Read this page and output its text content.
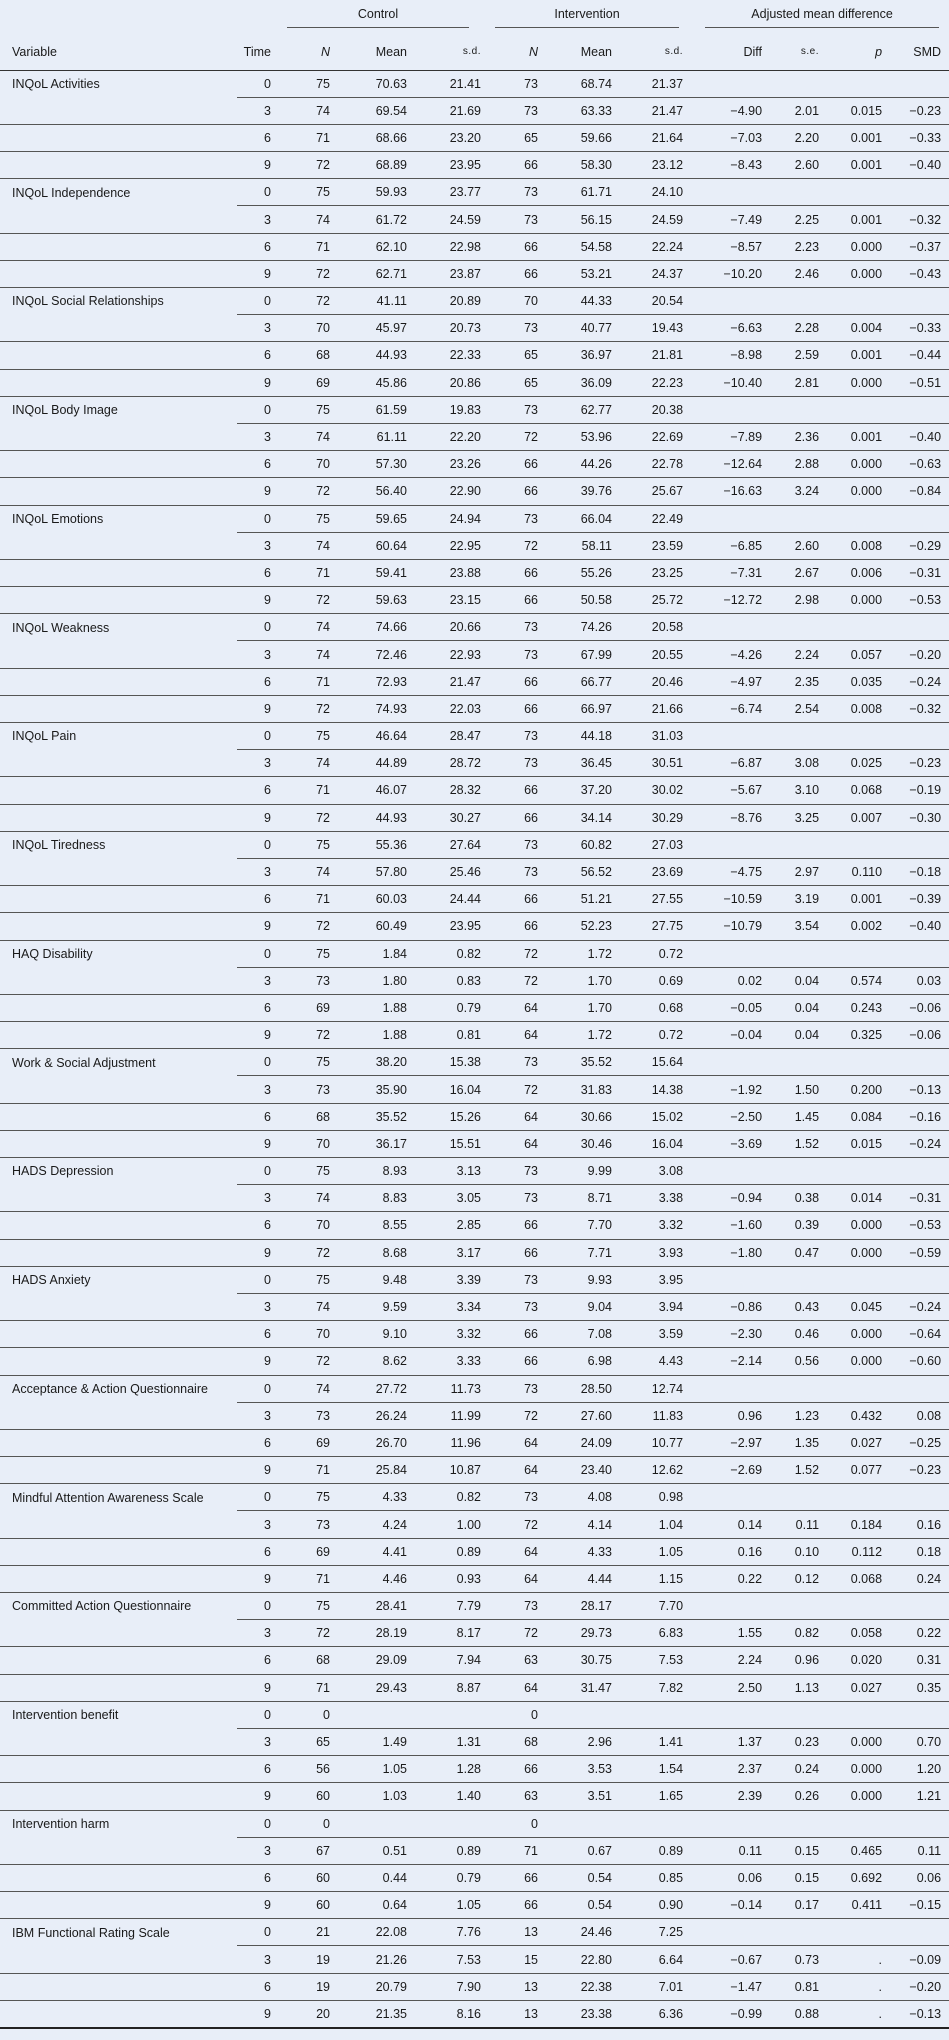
		Control			Intervention			Adjusted mean difference			

Variable	Time	N	Mean	s.d.	N	Mean	s.d.	Diff	s.e.	p	SMD
INQoL Activities	0	75	70.63	21.41	73	68.74	21.37				
	3	74	69.54	21.69	73	63.33	21.47	−4.90	2.01	0.015	−0.23
	6	71	68.66	23.20	65	59.66	21.64	−7.03	2.20	0.001	−0.33
	9	72	68.89	23.95	66	58.30	23.12	−8.43	2.60	0.001	−0.40
INQoL Independence	0	75	59.93	23.77	73	61.71	24.10				
	3	74	61.72	24.59	73	56.15	24.59	−7.49	2.25	0.001	−0.32
	6	71	62.10	22.98	66	54.58	22.24	−8.57	2.23	0.000	−0.37
	9	72	62.71	23.87	66	53.21	24.37	−10.20	2.46	0.000	−0.43
INQoL Social Relationships	0	72	41.11	20.89	70	44.33	20.54				
	3	70	45.97	20.73	73	40.77	19.43	−6.63	2.28	0.004	−0.33
	6	68	44.93	22.33	65	36.97	21.81	−8.98	2.59	0.001	−0.44
	9	69	45.86	20.86	65	36.09	22.23	−10.40	2.81	0.000	−0.51
INQoL Body Image	0	75	61.59	19.83	73	62.77	20.38				
	3	74	61.11	22.20	72	53.96	22.69	−7.89	2.36	0.001	−0.40
	6	70	57.30	23.26	66	44.26	22.78	−12.64	2.88	0.000	−0.63
	9	72	56.40	22.90	66	39.76	25.67	−16.63	3.24	0.000	−0.84
INQoL Emotions	0	75	59.65	24.94	73	66.04	22.49				
	3	74	60.64	22.95	72	58.11	23.59	−6.85	2.60	0.008	−0.29
	6	71	59.41	23.88	66	55.26	23.25	−7.31	2.67	0.006	−0.31
	9	72	59.63	23.15	66	50.58	25.72	−12.72	2.98	0.000	−0.53
INQoL Weakness	0	74	74.66	20.66	73	74.26	20.58				
	3	74	72.46	22.93	73	67.99	20.55	−4.26	2.24	0.057	−0.20
	6	71	72.93	21.47	66	66.77	20.46	−4.97	2.35	0.035	−0.24
	9	72	74.93	22.03	66	66.97	21.66	−6.74	2.54	0.008	−0.32
INQoL Pain	0	75	46.64	28.47	73	44.18	31.03				
	3	74	44.89	28.72	73	36.45	30.51	−6.87	3.08	0.025	−0.23
	6	71	46.07	28.32	66	37.20	30.02	−5.67	3.10	0.068	−0.19
	9	72	44.93	30.27	66	34.14	30.29	−8.76	3.25	0.007	−0.30
INQoL Tiredness	0	75	55.36	27.64	73	60.82	27.03				
	3	74	57.80	25.46	73	56.52	23.69	−4.75	2.97	0.110	−0.18
	6	71	60.03	24.44	66	51.21	27.55	−10.59	3.19	0.001	−0.39
	9	72	60.49	23.95	66	52.23	27.75	−10.79	3.54	0.002	−0.40
HAQ Disability	0	75	1.84	0.82	72	1.72	0.72				
	3	73	1.80	0.83	72	1.70	0.69	0.02	0.04	0.574	0.03
	6	69	1.88	0.79	64	1.70	0.68	−0.05	0.04	0.243	−0.06
	9	72	1.88	0.81	64	1.72	0.72	−0.04	0.04	0.325	−0.06
Work & Social Adjustment	0	75	38.20	15.38	73	35.52	15.64				
	3	73	35.90	16.04	72	31.83	14.38	−1.92	1.50	0.200	−0.13
	6	68	35.52	15.26	64	30.66	15.02	−2.50	1.45	0.084	−0.16
	9	70	36.17	15.51	64	30.46	16.04	−3.69	1.52	0.015	−0.24
HADS Depression	0	75	8.93	3.13	73	9.99	3.08				
	3	74	8.83	3.05	73	8.71	3.38	−0.94	0.38	0.014	−0.31
	6	70	8.55	2.85	66	7.70	3.32	−1.60	0.39	0.000	−0.53
	9	72	8.68	3.17	66	7.71	3.93	−1.80	0.47	0.000	−0.59
HADS Anxiety	0	75	9.48	3.39	73	9.93	3.95				
	3	74	9.59	3.34	73	9.04	3.94	−0.86	0.43	0.045	−0.24
	6	70	9.10	3.32	66	7.08	3.59	−2.30	0.46	0.000	−0.64
	9	72	8.62	3.33	66	6.98	4.43	−2.14	0.56	0.000	−0.60
Acceptance & Action Questionnaire	0	74	27.72	11.73	73	28.50	12.74				
	3	73	26.24	11.99	72	27.60	11.83	0.96	1.23	0.432	0.08
	6	69	26.70	11.96	64	24.09	10.77	−2.97	1.35	0.027	−0.25
	9	71	25.84	10.87	64	23.40	12.62	−2.69	1.52	0.077	−0.23
Mindful Attention Awareness Scale	0	75	4.33	0.82	73	4.08	0.98				
	3	73	4.24	1.00	72	4.14	1.04	0.14	0.11	0.184	0.16
	6	69	4.41	0.89	64	4.33	1.05	0.16	0.10	0.112	0.18
	9	71	4.46	0.93	64	4.44	1.15	0.22	0.12	0.068	0.24
Committed Action Questionnaire	0	75	28.41	7.79	73	28.17	7.70				
	3	72	28.19	8.17	72	29.73	6.83	1.55	0.82	0.058	0.22
	6	68	29.09	7.94	63	30.75	7.53	2.24	0.96	0.020	0.31
	9	71	29.43	8.87	64	31.47	7.82	2.50	1.13	0.027	0.35
Intervention benefit	0	0			0						
	3	65	1.49	1.31	68	2.96	1.41	1.37	0.23	0.000	0.70
	6	56	1.05	1.28	66	3.53	1.54	2.37	0.24	0.000	1.20
	9	60	1.03	1.40	63	3.51	1.65	2.39	0.26	0.000	1.21
Intervention harm	0	0			0						
	3	67	0.51	0.89	71	0.67	0.89	0.11	0.15	0.465	0.11
	6	60	0.44	0.79	66	0.54	0.85	0.06	0.15	0.692	0.06
	9	60	0.64	1.05	66	0.54	0.90	−0.14	0.17	0.411	−0.15
IBM Functional Rating Scale	0	21	22.08	7.76	13	24.46	7.25				
	3	19	21.26	7.53	15	22.80	6.64	−0.67	0.73	.	−0.09
	6	19	20.79	7.90	13	22.38	7.01	−1.47	0.81	.	−0.20
	9	20	21.35	8.16	13	23.38	6.36	−0.99	0.88	.	−0.13
